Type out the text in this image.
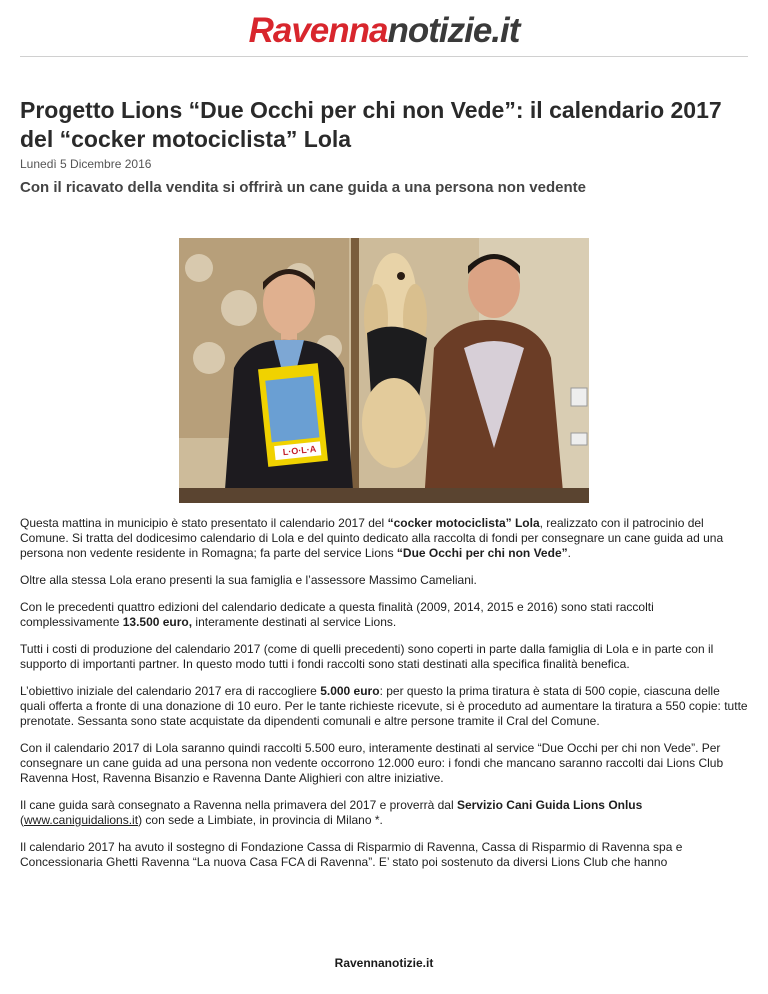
Ravennanotizie.it
Progetto Lions “Due Occhi per chi non Vede”: il calendario 2017 del “cocker motociclista” Lola
Lunedì 5 Dicembre 2016
Con il ricavato della vendita si offrirà un cane guida a una persona non vedente
L·O·L·A

Questa mattina in municipio è stato presentato il calendario 2017 del “cocker motociclista” Lola, realizzato con il patrocinio del Comune. Si tratta del dodicesimo calendario di Lola e del quinto dedicato alla raccolta di fondi per consegnare un cane guida ad una persona non vedente residente in Romagna; fa parte del service Lions “Due Occhi per chi non Vede”.

Oltre alla stessa Lola erano presenti la sua famiglia e l’assessore Massimo Cameliani.

Con le precedenti quattro edizioni del calendario dedicate a questa finalità (2009, 2014, 2015 e 2016) sono stati raccolti complessivamente 13.500 euro, interamente destinati al service Lions.

Tutti i costi di produzione del calendario 2017 (come di quelli precedenti) sono coperti in parte dalla famiglia di Lola e in parte con il supporto di importanti partner. In questo modo tutti i fondi raccolti sono stati destinati alla specifica finalità benefica.

L’obiettivo iniziale del calendario 2017 era di raccogliere 5.000 euro: per questo la prima tiratura è stata di 500 copie, ciascuna delle quali offerta a fronte di una donazione di 10 euro. Per le tante richieste ricevute, si è proceduto ad aumentare la tiratura a 550 copie: tutte prenotate. Sessanta sono state acquistate da dipendenti comunali e altre persone tramite il Cral del Comune.

Con il calendario 2017 di Lola saranno quindi raccolti 5.500 euro, interamente destinati al service “Due Occhi per chi non Vede”. Per consegnare un cane guida ad una persona non vedente occorrono 12.000 euro: i fondi che mancano saranno raccolti dai Lions Club Ravenna Host, Ravenna Bisanzio e Ravenna Dante Alighieri con altre iniziative.

Il cane guida sarà consegnato a Ravenna nella primavera del 2017 e proverrà dal Servizio Cani Guida Lions Onlus
(www.caniguidalions.it) con sede a Limbiate, in provincia di Milano *.

Il calendario 2017 ha avuto il sostegno di Fondazione Cassa di Risparmio di Ravenna, Cassa di Risparmio di Ravenna spa e Concessionaria Ghetti Ravenna “La nuova Casa FCA di Ravenna”. E’ stato poi sostenuto da diversi Lions Club che hanno

Ravennanotizie.it
